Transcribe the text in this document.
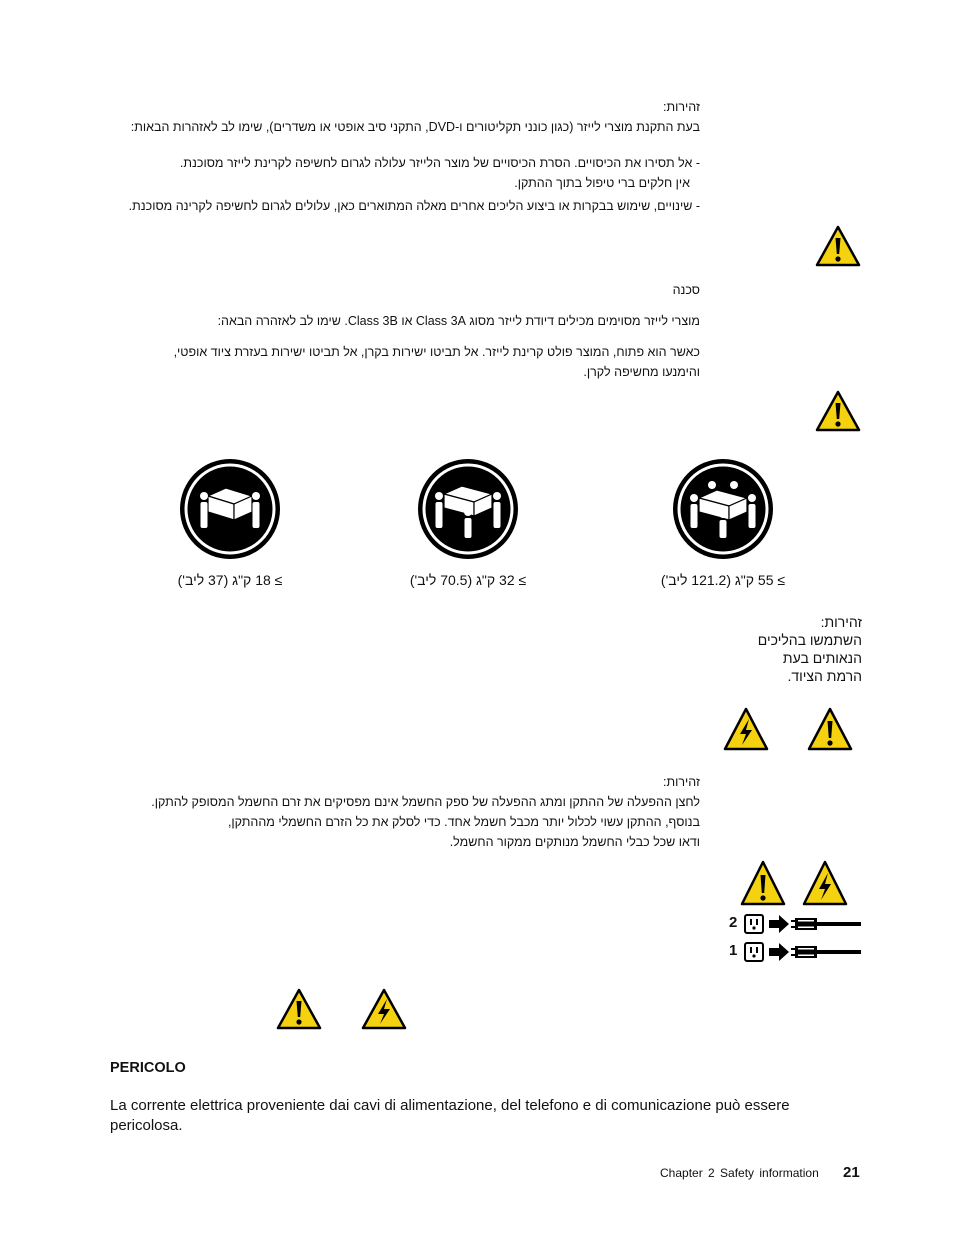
זהירות:

בעת התקנת מוצרי לייזר (כגון כונני תקליטורים ו-DVD, התקני סיב אופטי או משדרים), שימו לב לאזהרות הבאות:

- אל תסירו את הכיסויים. הסרת הכיסויים של מוצר הלייזר עלולה לגרום לחשיפה לקרינת לייזר מסוכנת.

אין חלקים ברי טיפול בתוך ההתקן.

- שינויים, שימוש בבקרות או ביצוע הליכים אחרים מאלה המתוארים כאן, עלולים לגרום לחשיפה לקרינה מסוכנת.

סכנה

מוצרי לייזר מסוימים מכילים דיודת לייזר מסוג Class 3A או Class 3B. שימו לב לאזהרה הבאה:

כאשר הוא פתוח, המוצר פולט קרינת לייזר. אל תביטו ישירות בקרן, אל תביטו ישירות בעזרת ציוד אופטי,

והימנעו מחשיפה לקרן.

≥ 18 ק"ג (37 ליב')	≥ 32 ק"ג (70.5 ליב')	≥ 55 ק"ג (121.2 ליב')

זהירות:

השתמשו בהליכים

הנאותים בעת

הרמת הציוד.

זהירות:

לחצן ההפעלה של ההתקן ומתג ההפעלה של ספק החשמל אינם מפסיקים את זרם החשמל המסופק להתקן.

בנוסף, ההתקן עשוי לכלול יותר מכבל חשמל אחד. כדי לסלק את כל הזרם החשמלי מההתקן,

ודאו שכל כבלי החשמל מנותקים ממקור החשמל.

2
1
PERICOLO
La corrente elettrica proveniente dai cavi di alimentazione, del telefono e di comunicazione può essere pericolosa.
Chapter 2 Safety information 21
